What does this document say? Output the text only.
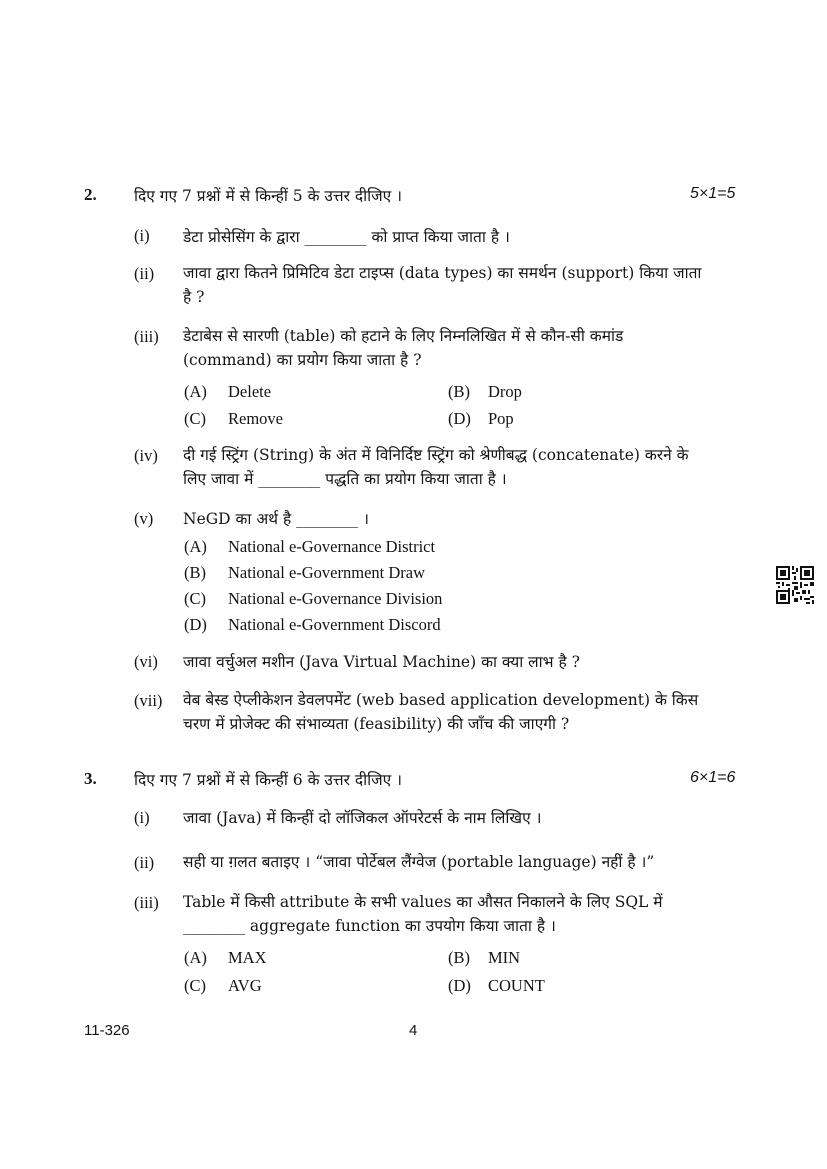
2. दिए गए 7 प्रश्नों में से किन्हीं 5 के उत्तर दीजिए ।	5×1=5
(i) डेटा प्रोसेसिंग के द्वारा ________ को प्राप्त किया जाता है ।
(ii) जावा द्वारा कितने प्रिमिटिव डेटा टाइप्स (data types) का समर्थन (support) किया जाता है ?
(iii) डेटाबेस से सारणी (table) को हटाने के लिए निम्नलिखित में से कौन-सी कमांड (command) का प्रयोग किया जाता है ?
(A) Delete	(B) Drop
(C) Remove	(D) Pop
(iv) दी गई स्ट्रिंग (String) के अंत में विनिर्दिष्ट स्ट्रिंग को श्रेणीबद्ध (concatenate) करने के लिए जावा में ________ पद्धति का प्रयोग किया जाता है ।
(v) NeGD का अर्थ है ________ ।
(A) National e-Governance District
(B) National e-Government Draw
(C) National e-Governance Division
(D) National e-Government Discord
(vi) जावा वर्चुअल मशीन (Java Virtual Machine) का क्या लाभ है ?
(vii) वेब बेस्ड ऐप्लीकेशन डेवलपमेंट (web based application development) के किस चरण में प्रोजेक्ट की संभाव्यता (feasibility) की जाँच की जाएगी ?
3. दिए गए 7 प्रश्नों में से किन्हीं 6 के उत्तर दीजिए ।	6×1=6
(i) जावा (Java) में किन्हीं दो लॉजिकल ऑपरेटर्स के नाम लिखिए ।
(ii) सही या ग़लत बताइए । “जावा पोर्टेबल लैंग्वेज (portable language) नहीं है ।”
(iii) Table में किसी attribute के सभी values का औसत निकालने के लिए SQL में ________ aggregate function का उपयोग किया जाता है ।
(A) MAX	(B) MIN
(C) AVG	(D) COUNT
11-326	4
